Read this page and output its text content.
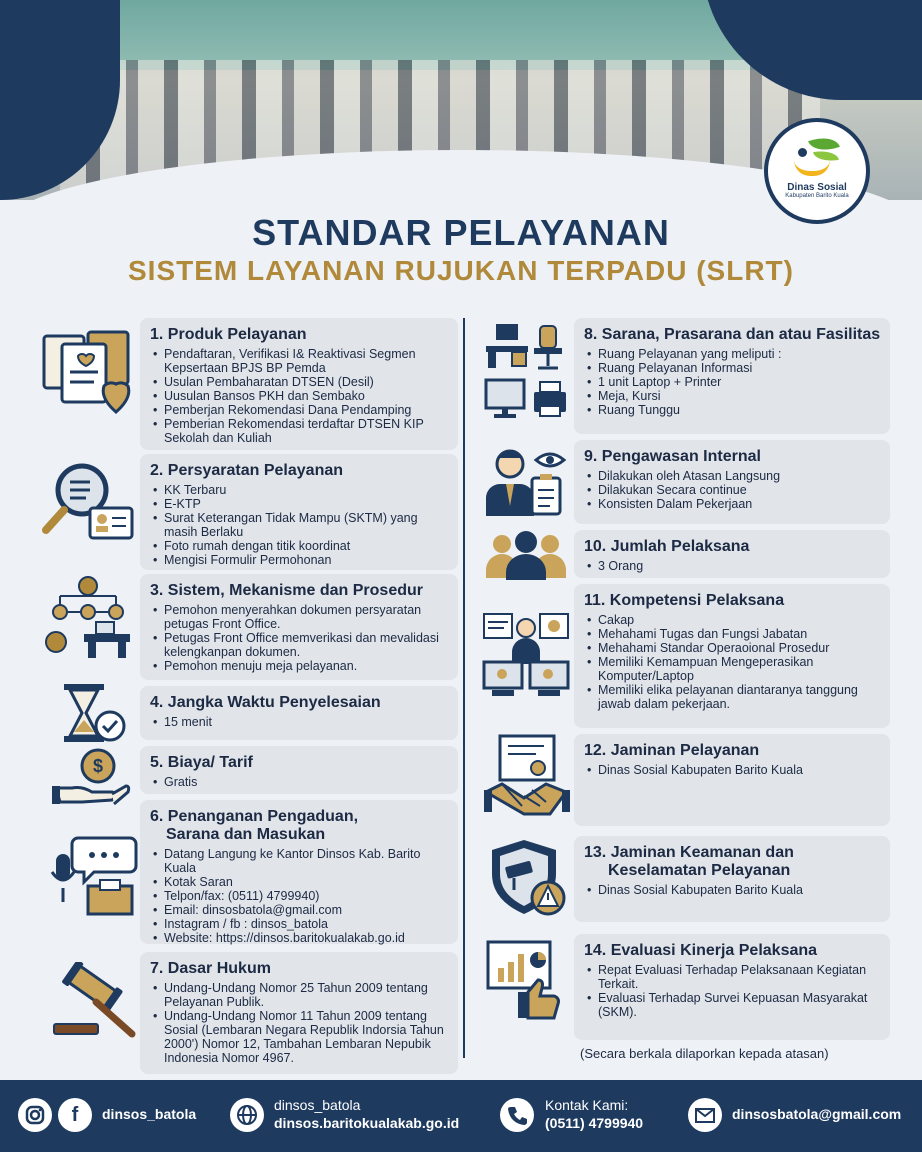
Dinas Sosial
Kabupaten Barito Kuala
STANDAR PELAYANAN
SISTEM LAYANAN RUJUKAN TERPADU (SLRT)
1. Produk Pelayanan
• Pendaftaran, Verifikasi I& Reaktivasi Segmen Kepsertaan BPJS BP Pemda
• Usulan Pembaharatan DTSEN (Desil)
• Uusulan Bansos PKH dan Sembako
• Pemberjan Rekomendasi Dana Pendamping
• Pemberian Rekomendasi terdaftar DTSEN KIP Sekolah dan Kuliah
2. Persyaratan Pelayanan
• KK Terbaru
• E-KTP
• Surat Keterangan Tidak Mampu (SKTM) yang masih Berlaku
• Foto rumah dengan titik koordinat
• Mengisi Formulir Permohonan
3. Sistem, Mekanisme dan Prosedur
• Pemohon menyerahkan dokumen persyaratan petugas Front Office.
• Petugas Front Office memverikasi dan mevalidasi kelengkanpan dokumen.
• Pemohon menuju meja pelayanan.
4. Jangka Waktu Penyelesaian
• 15 menit
$	5. Biaya/ Tarif
• Gratis
6. Penanganan Pengaduan,
Sarana dan Masukan
• Datang Langung ke Kantor Dinsos Kab. Barito Kuala
• Kotak Saran
• Telpon/fax: (0511) 4799940)
• Email: dinsosbatola@gmail.com
• Instagram / fb : dinsos_batola
• Website: https://dinsos.baritokualakab.go.id
7. Dasar Hukum
• Undang-Undang Nomor 25 Tahun 2009 tentang Pelayanan Publik.
• Undang-Undang Nomor 11 Tahun 2009 tentang Sosial (Lembaran Negara Republik Indorsia Tahun 2000') Nomor 12, Tambahan Lembaran Nepubik Indonesia Nomor 4967.
8. Sarana, Prasarana dan atau Fasilitas
• Ruang Pelayanan yang meliputi :
• Ruang Pelayanan Informasi
• 1 unit Laptop + Printer
• Meja, Kursi
• Ruang Tunggu
9. Pengawasan Internal
• Dilakukan oleh Atasan Langsung
• Dilakukan Secara continue
• Konsisten Dalam Pekerjaan
10. Jumlah Pelaksana
• 3 Orang
11. Kompetensi Pelaksana
• Cakap
• Mehahami Tugas dan Fungsi Jabatan
• Mehahami Standar Operaoional Prosedur
• Memiliki Kemampuan Mengeperasikan Komputer/Laptop
• Memiliki elika pelayanan diantaranya tanggung jawab dalam pekerjaan.
12. Jaminan Pelayanan
• Dinas Sosial Kabupaten Barito Kuala
13. Jaminan Keamanan dan
Keselamatan Pelayanan
• Dinas Sosial Kabupaten Barito Kuala
14. Evaluasi Kinerja Pelaksana
• Repat Evaluasi Terhadap Pelaksanaan Kegiatan Terkait.
• Evaluasi Terhadap Survei Kepuasan Masyarakat (SKM).
(Secara berkala dilaporkan kepada atasan)
f	dinsos_batola
dinsos_batola
dinsos.baritokualakab.go.id
Kontak Kami:
(0511) 4799940
dinsosbatola@gmail.com
